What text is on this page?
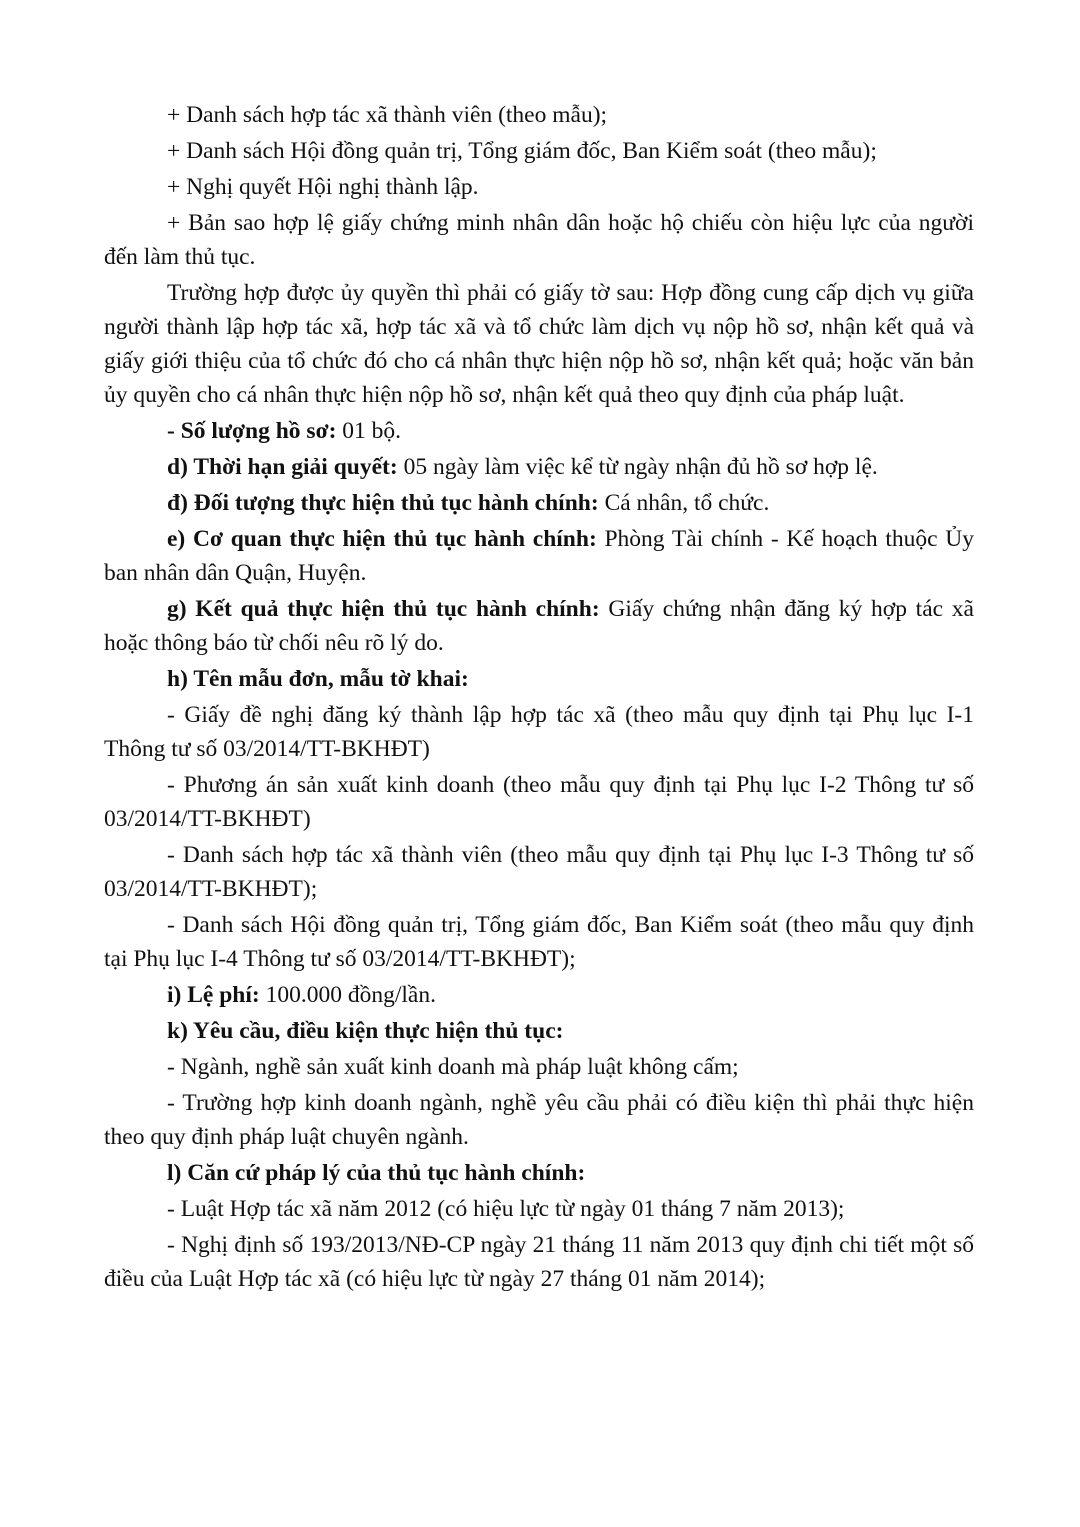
+ Danh sách hợp tác xã thành viên (theo mẫu);

+ Danh sách Hội đồng quản trị, Tổng giám đốc, Ban Kiểm soát (theo mẫu);

+ Nghị quyết Hội nghị thành lập.

+ Bản sao hợp lệ giấy chứng minh nhân dân hoặc hộ chiếu còn hiệu lực của người đến làm thủ tục.

Trường hợp được ủy quyền thì phải có giấy tờ sau: Hợp đồng cung cấp dịch vụ giữa người thành lập hợp tác xã, hợp tác xã và tổ chức làm dịch vụ nộp hồ sơ, nhận kết quả và giấy giới thiệu của tổ chức đó cho cá nhân thực hiện nộp hồ sơ, nhận kết quả; hoặc văn bản ủy quyền cho cá nhân thực hiện nộp hồ sơ, nhận kết quả theo quy định của pháp luật.

- Số lượng hồ sơ: 01 bộ.

d) Thời hạn giải quyết: 05 ngày làm việc kể từ ngày nhận đủ hồ sơ hợp lệ.

đ) Đối tượng thực hiện thủ tục hành chính: Cá nhân, tổ chức.

e) Cơ quan thực hiện thủ tục hành chính: Phòng Tài chính - Kế hoạch thuộc Ủy ban nhân dân Quận, Huyện.

g) Kết quả thực hiện thủ tục hành chính: Giấy chứng nhận đăng ký hợp tác xã hoặc thông báo từ chối nêu rõ lý do.

h) Tên mẫu đơn, mẫu tờ khai:

- Giấy đề nghị đăng ký thành lập hợp tác xã (theo mẫu quy định tại Phụ lục I-1 Thông tư số 03/2014/TT-BKHĐT)

- Phương án sản xuất kinh doanh (theo mẫu quy định tại Phụ lục I-2 Thông tư số 03/2014/TT-BKHĐT)

- Danh sách hợp tác xã thành viên (theo mẫu quy định tại Phụ lục I-3 Thông tư số 03/2014/TT-BKHĐT);

- Danh sách Hội đồng quản trị, Tổng giám đốc, Ban Kiểm soát (theo mẫu quy định tại Phụ lục I-4 Thông tư số 03/2014/TT-BKHĐT);

i) Lệ phí: 100.000 đồng/lần.

k) Yêu cầu, điều kiện thực hiện thủ tục:

- Ngành, nghề sản xuất kinh doanh mà pháp luật không cấm;

- Trường hợp kinh doanh ngành, nghề yêu cầu phải có điều kiện thì phải thực hiện theo quy định pháp luật chuyên ngành.

l) Căn cứ pháp lý của thủ tục hành chính:

- Luật Hợp tác xã năm 2012 (có hiệu lực từ ngày 01 tháng 7 năm 2013);

- Nghị định số 193/2013/NĐ-CP ngày 21 tháng 11 năm 2013 quy định chi tiết một số điều của Luật Hợp tác xã (có hiệu lực từ ngày 27 tháng 01 năm 2014);
